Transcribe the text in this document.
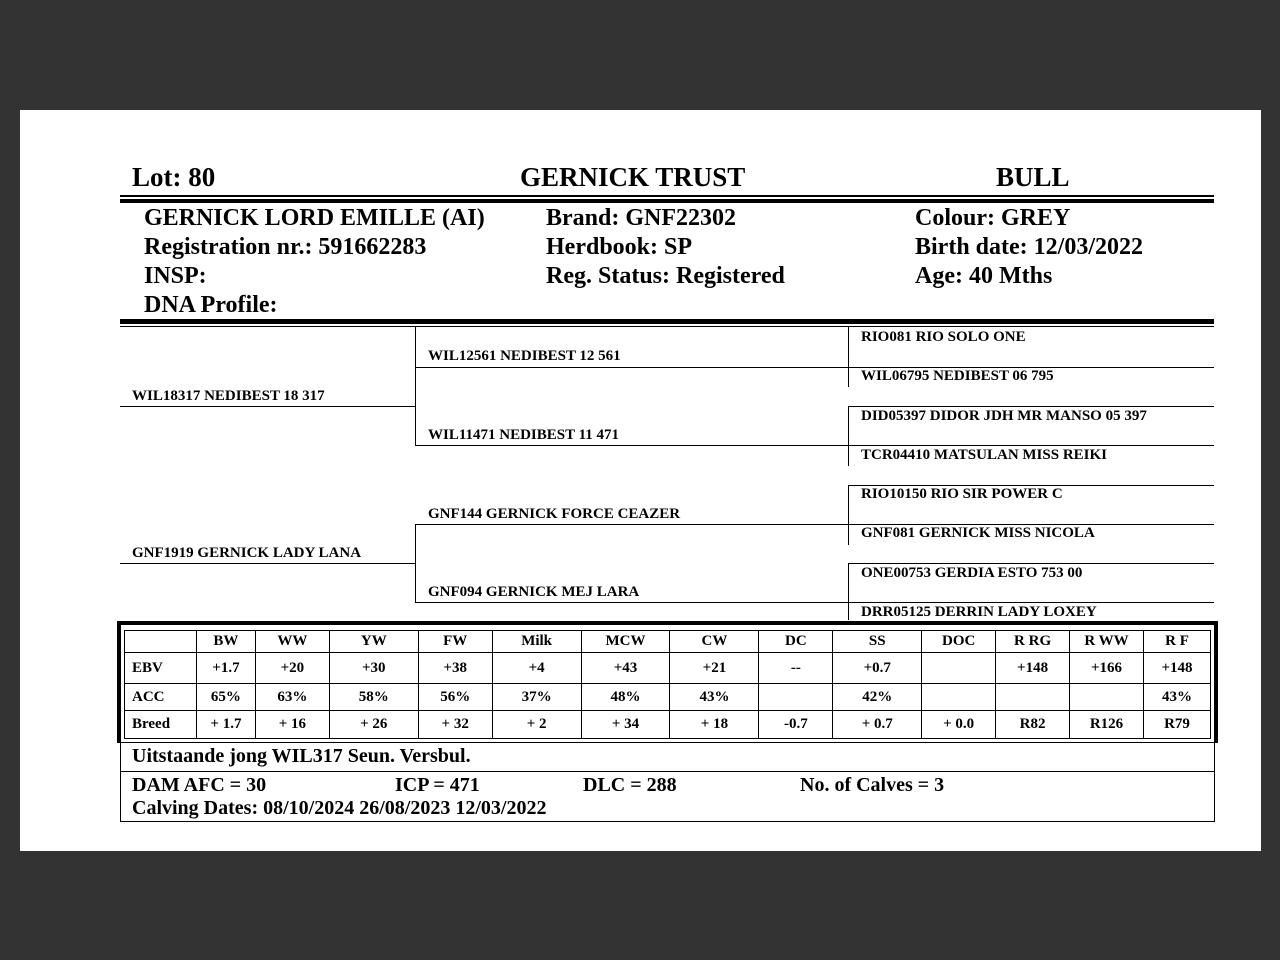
Lot: 80	GERNICK TRUST	BULL
GERNICK LORD EMILLE (AI)
Registration nr.: 591662283
INSP:
DNA Profile:
Brand: GNF22302
Herdbook: SP
Reg. Status: Registered
Colour: GREY
Birth date: 12/03/2022
Age: 40 Mths
WIL18317 NEDIBEST 18 317
GNF1919 GERNICK LADY LANA
WIL12561 NEDIBEST 12 561
WIL11471 NEDIBEST 11 471
GNF144 GERNICK FORCE CEAZER
GNF094 GERNICK MEJ LARA
RIO081 RIO SOLO ONE
WIL06795 NEDIBEST 06 795
DID05397 DIDOR JDH MR MANSO 05 397
TCR04410 MATSULAN MISS REIKI
RIO10150 RIO SIR POWER C
GNF081 GERNICK MISS NICOLA
ONE00753 GERDIA ESTO 753 00
DRR05125 DERRIN LADY LOXEY
	BW	WW	YW	FW	Milk	MCW	CW	DC	SS	DOC	R RG	R WW	R F
EBV	+1.7	+20	+30	+38	+4	+43	+21	--	+0.7		+148	+166	+148
ACC	65%	63%	58%	56%	37%	48%	43%		42%				43%
Breed	+ 1.7	+ 16	+ 26	+ 32	+ 2	+ 34	+ 18	-0.7	+ 0.7	+ 0.0	R82	R126	R79
Uitstaande jong WIL317 Seun. Versbul.
DAM AFC = 30	ICP = 471	DLC = 288	No. of Calves = 3
Calving Dates: 08/10/2024 26/08/2023 12/03/2022
